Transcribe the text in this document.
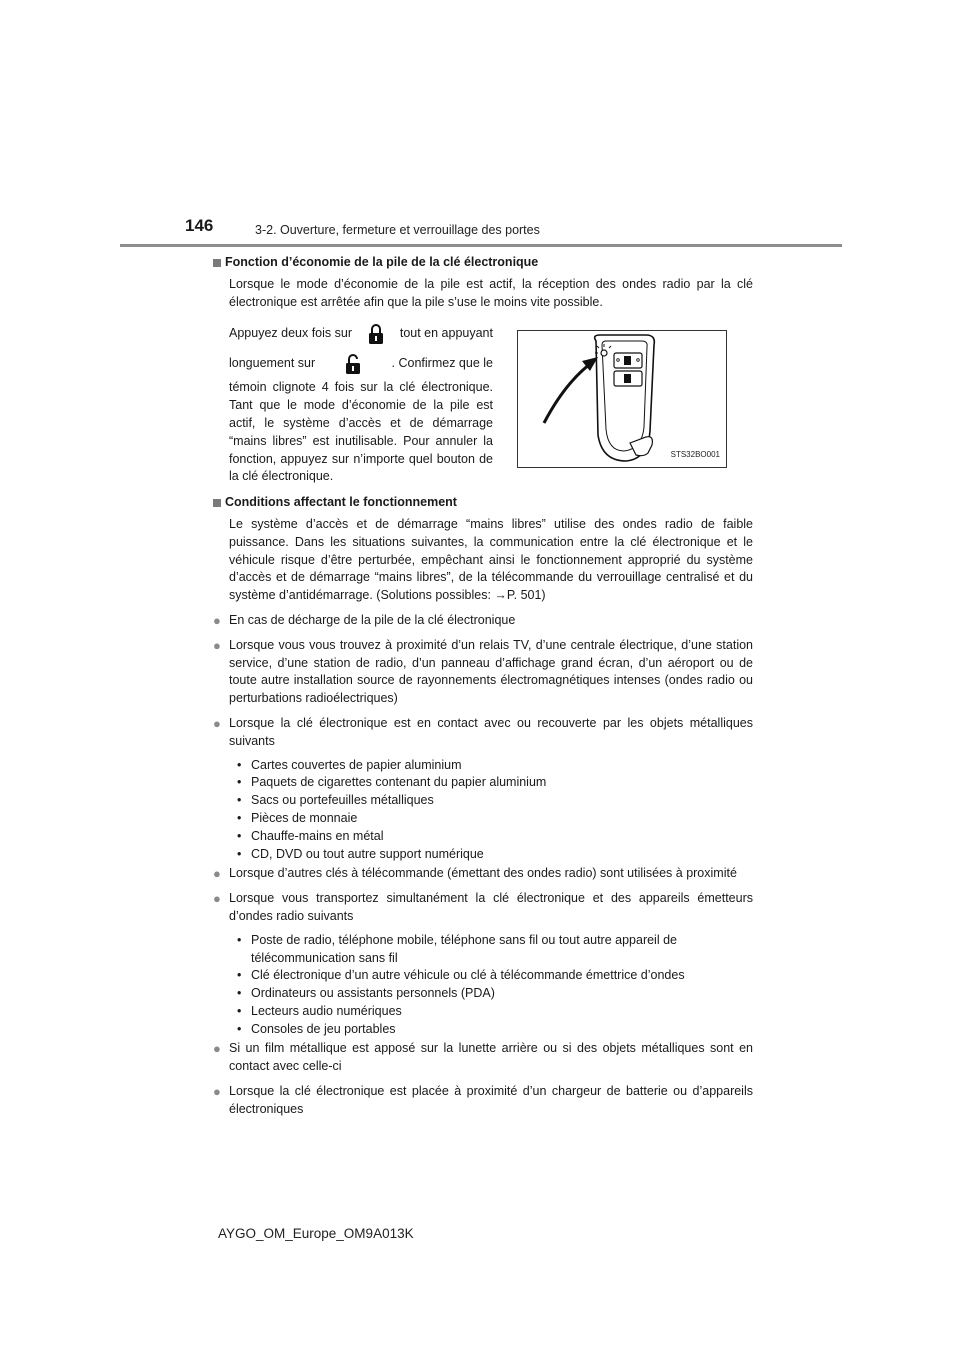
146	3-2. Ouverture, fermeture et verrouillage des portes
Fonction d’économie de la pile de la clé électronique
Lorsque le mode d’économie de la pile est actif, la réception des ondes radio par la clé électronique est arrêtée afin que la pile s’use le moins vite possible.
Appuyez deux fois sur	tout en appuyant
longuement sur	. Confirmez que le
témoin clignote 4 fois sur la clé électronique. Tant que le mode d’économie de la pile est actif, le système d’accès et de démarrage “mains libres” est inutilisable. Pour annuler la fonction, appuyez sur n’importe quel bouton de la clé électronique.
STS32BO001
Conditions affectant le fonctionnement
Le système d’accès et de démarrage “mains libres” utilise des ondes radio de faible puissance. Dans les situations suivantes, la communication entre la clé électronique et le véhicule risque d’être perturbée, empêchant ainsi le fonctionnement approprié du système d’accès et de démarrage “mains libres”, de la télécommande du verrouillage centralisé et du système d’antidémarrage. (Solutions possibles: →P. 501)
● En cas de décharge de la pile de la clé électronique
● Lorsque vous vous trouvez à proximité d’un relais TV, d’une centrale électrique, d’une station service, d’une station de radio, d’un panneau d’affichage grand écran, d’un aéroport ou de toute autre installation source de rayonnements électromagnétiques intenses (ondes radio ou perturbations radioélectriques)
● Lorsque la clé électronique est en contact avec ou recouverte par les objets métalliques suivants
• Cartes couvertes de papier aluminium
• Paquets de cigarettes contenant du papier aluminium
• Sacs ou portefeuilles métalliques
• Pièces de monnaie
• Chauffe-mains en métal
• CD, DVD ou tout autre support numérique
● Lorsque d’autres clés à télécommande (émettant des ondes radio) sont utilisées à proximité
● Lorsque vous transportez simultanément la clé électronique et des appareils émetteurs d’ondes radio suivants
• Poste de radio, téléphone mobile, téléphone sans fil ou tout autre appareil de télécommunication sans fil
• Clé électronique d’un autre véhicule ou clé à télécommande émettrice d’ondes
• Ordinateurs ou assistants personnels (PDA)
• Lecteurs audio numériques
• Consoles de jeu portables
● Si un film métallique est apposé sur la lunette arrière ou si des objets métalliques sont en contact avec celle-ci
● Lorsque la clé électronique est placée à proximité d’un chargeur de batterie ou d’appareils électroniques
AYGO_OM_Europe_OM9A013K
